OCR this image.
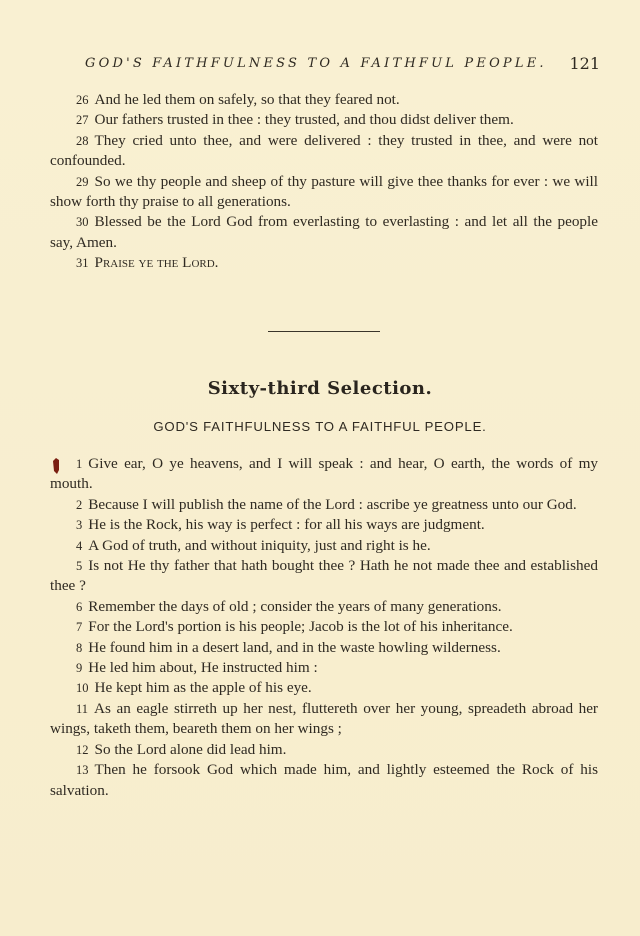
GOD'S FAITHFULNESS TO A FAITHFUL PEOPLE. 121

26 And he led them on safely, so that they feared not.

27 Our fathers trusted in thee : they trusted, and thou didst deliver them.

28 They cried unto thee, and were delivered : they trusted in thee, and were not confounded.

29 So we thy people and sheep of thy pasture will give thee thanks for ever : we will show forth thy praise to all generations.

30 Blessed be the Lord God from everlasting to everlasting : and let all the people say, Amen.

31 Praise ye the Lord.

Sixty-third Selection.
GOD'S FAITHFULNESS TO A FAITHFUL PEOPLE.

1 Give ear, O ye heavens, and I will speak : and hear, O earth, the words of my mouth.

2 Because I will publish the name of the Lord : ascribe ye greatness unto our God.

3 He is the Rock, his way is perfect : for all his ways are judgment.

4 A God of truth, and without iniquity, just and right is he.

5 Is not He thy father that hath bought thee ? Hath he not made thee and established thee ?

6 Remember the days of old ; consider the years of many generations.

7 For the Lord's portion is his people; Jacob is the lot of his inheritance.

8 He found him in a desert land, and in the waste howling wilderness.

9 He led him about, He instructed him :

10 He kept him as the apple of his eye.

11 As an eagle stirreth up her nest, fluttereth over her young, spreadeth abroad her wings, taketh them, beareth them on her wings ;

12 So the Lord alone did lead him.

13 Then he forsook God which made him, and lightly esteemed the Rock of his salvation.
